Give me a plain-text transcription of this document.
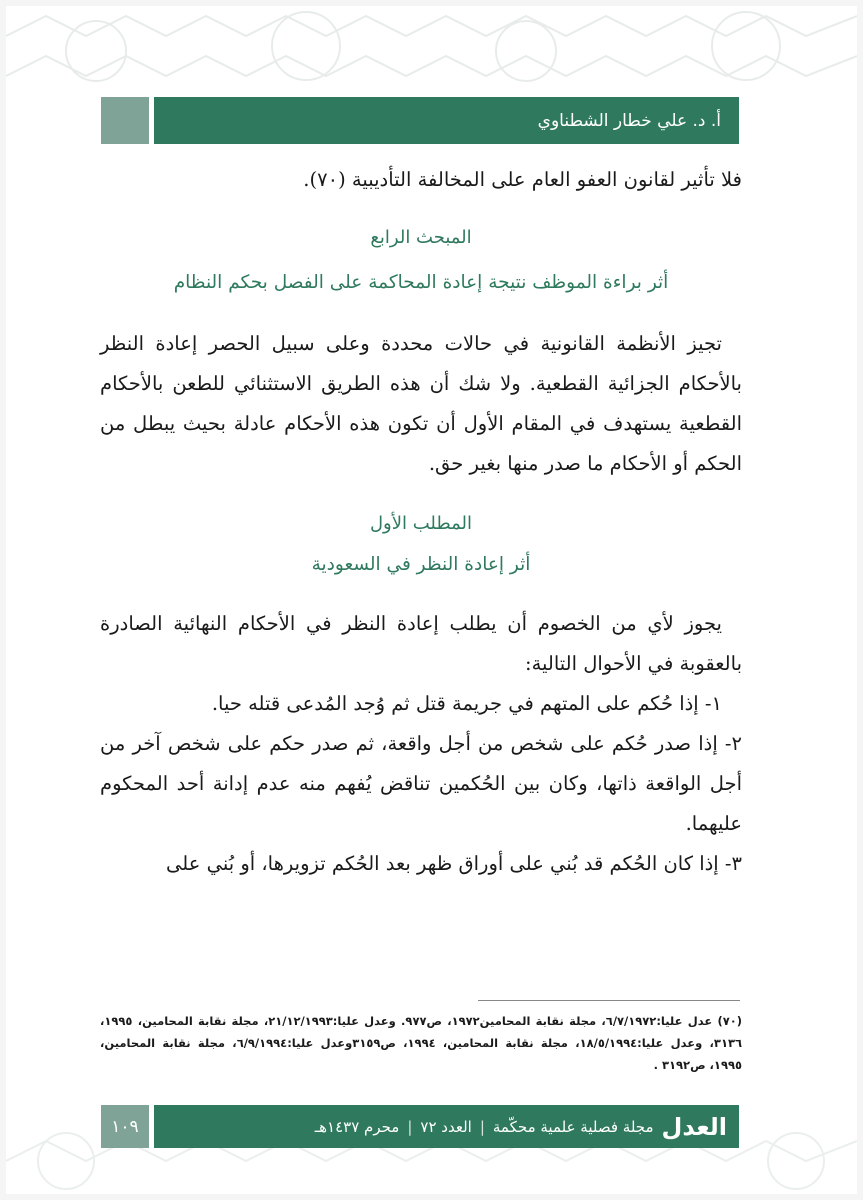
أ. د. علي خطار الشطناوي

فلا تأثير لقانون العفو العام على المخالفة التأديبية (٧٠).

المبحث الرابع

أثر براءة الموظف نتيجة إعادة المحاكمة على الفصل بحكم النظام

تجيز الأنظمة القانونية في حالات محددة وعلى سبيل الحصر إعادة النظر بالأحكام الجزائية القطعية. ولا شك أن هذه الطريق الاستثنائي للطعن بالأحكام القطعية يستهدف في المقام الأول أن تكون هذه الأحكام عادلة بحيث يبطل من الحكم أو الأحكام ما صدر منها بغير حق.

المطلب الأول

أثر إعادة النظر في السعودية

يجوز لأي من الخصوم أن يطلب إعادة النظر في الأحكام النهائية الصادرة بالعقوبة في الأحوال التالية:

١- إذا حُكم على المتهم في جريمة قتل ثم وُجد المُدعى قتله حيا.

٢- إذا صدر حُكم على شخص من أجل واقعة، ثم صدر حكم على شخص آخر من أجل الواقعة ذاتها، وكان بين الحُكمين تناقض يُفهم منه عدم إدانة أحد المحكوم عليهما.

٣- إذا كان الحُكم قد بُني على أوراق ظهر بعد الحُكم تزويرها، أو بُني على

(٧٠) عدل عليا:٦/٧/١٩٧٢، مجلة نقابة المحامين١٩٧٢، ص٩٧٧. وعدل عليا:٢١/١٢/١٩٩٣، مجلة نقابة المحامين، ١٩٩٥، ٣١٣٦، وعدل عليا:١٨/٥/١٩٩٤، مجلة نقابة المحامين، ١٩٩٤، ص٣١٥٩وعدل عليا:٦/٩/١٩٩٤، مجلة نقابة المحامين، ١٩٩٥، ص٣١٩٢ .
العدل
مجلة فصلية علمية محكّمة
|
العدد ٧٢
|
محرم ١٤٣٧هـ
١٠٩
